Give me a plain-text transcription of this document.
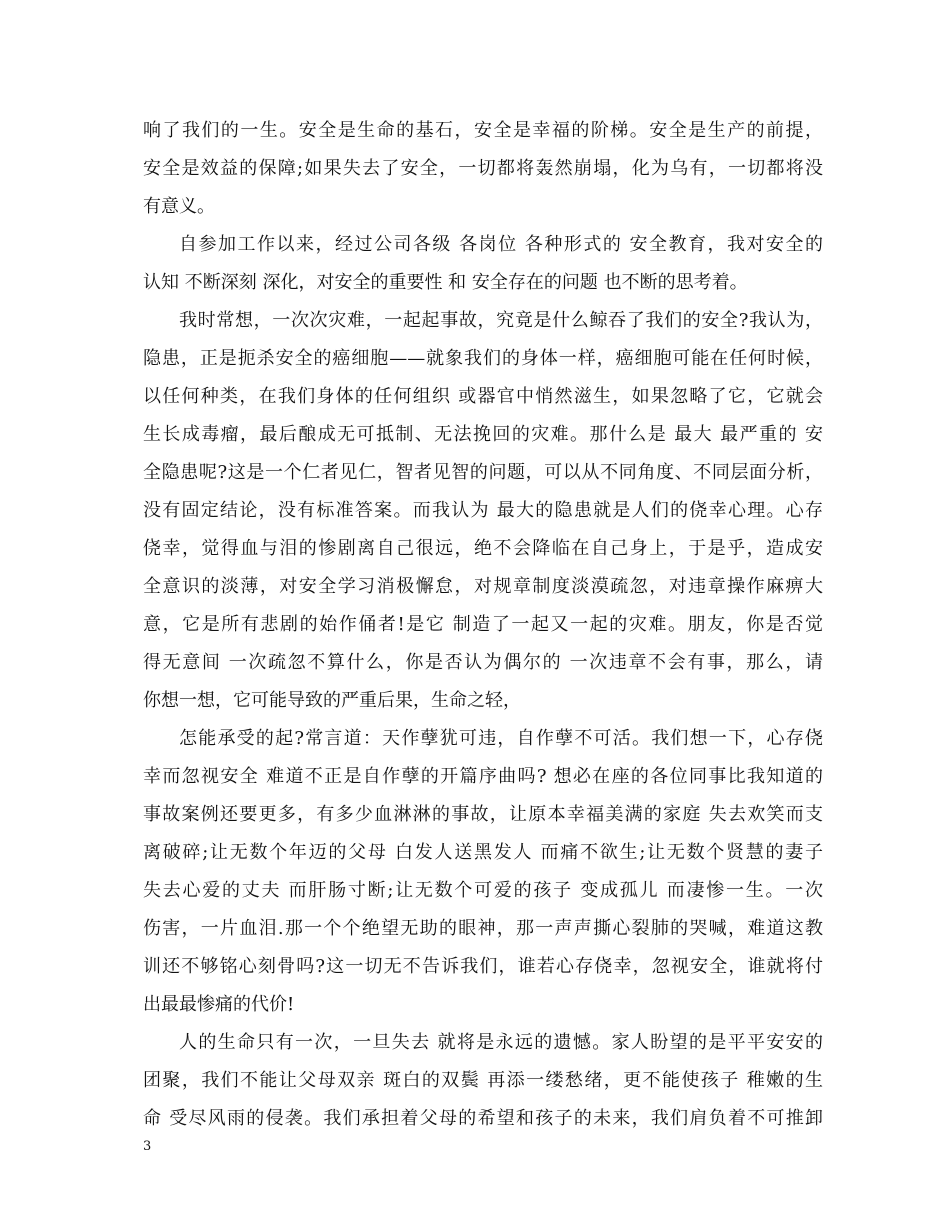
响了我们的一生。安全是生命的基石，安全是幸福的阶梯。安全是生产的前提，
安全是效益的保障;如果失去了安全，一切都将轰然崩塌，化为乌有，一切都将没
有意义。
自参加工作以来，经过公司各级 各岗位 各种形式的 安全教育，我对安全的
认知 不断深刻 深化，对安全的重要性 和 安全存在的问题 也不断的思考着。
我时常想，一次次灾难，一起起事故，究竟是什么鲸吞了我们的安全?我认为，
隐患，正是扼杀安全的癌细胞——就象我们的身体一样，癌细胞可能在任何时候，
以任何种类，在我们身体的任何组织 或器官中悄然滋生，如果忽略了它，它就会
生长成毒瘤，最后酿成无可抵制、无法挽回的灾难。那什么是 最大 最严重的 安
全隐患呢?这是一个仁者见仁，智者见智的问题，可以从不同角度、不同层面分析，
没有固定结论，没有标准答案。而我认为 最大的隐患就是人们的侥幸心理。心存
侥幸，觉得血与泪的惨剧离自己很远，绝不会降临在自己身上，于是乎，造成安
全意识的淡薄，对安全学习消极懈怠，对规章制度淡漠疏忽，对违章操作麻痹大
意，它是所有悲剧的始作俑者!是它 制造了一起又一起的灾难。朋友，你是否觉
得无意间 一次疏忽不算什么，你是否认为偶尔的 一次违章不会有事，那么，请
你想一想，它可能导致的严重后果，生命之轻，
怎能承受的起?常言道：天作孽犹可违，自作孽不可活。我们想一下，心存侥
幸而忽视安全 难道不正是自作孽的开篇序曲吗? 想必在座的各位同事比我知道的
事故案例还要更多，有多少血淋淋的事故，让原本幸福美满的家庭 失去欢笑而支
离破碎;让无数个年迈的父母 白发人送黑发人 而痛不欲生;让无数个贤慧的妻子
失去心爱的丈夫 而肝肠寸断;让无数个可爱的孩子 变成孤儿 而凄惨一生。一次
伤害，一片血泪.那一个个绝望无助的眼神，那一声声撕心裂肺的哭喊，难道这教
训还不够铭心刻骨吗?这一切无不告诉我们，谁若心存侥幸，忽视安全，谁就将付
出最最惨痛的代价!
人的生命只有一次，一旦失去 就将是永远的遗憾。家人盼望的是平平安安的
团聚，我们不能让父母双亲 斑白的双鬓 再添一缕愁绪，更不能使孩子 稚嫩的生
命 受尽风雨的侵袭。我们承担着父母的希望和孩子的未来，我们肩负着不可推卸
3
